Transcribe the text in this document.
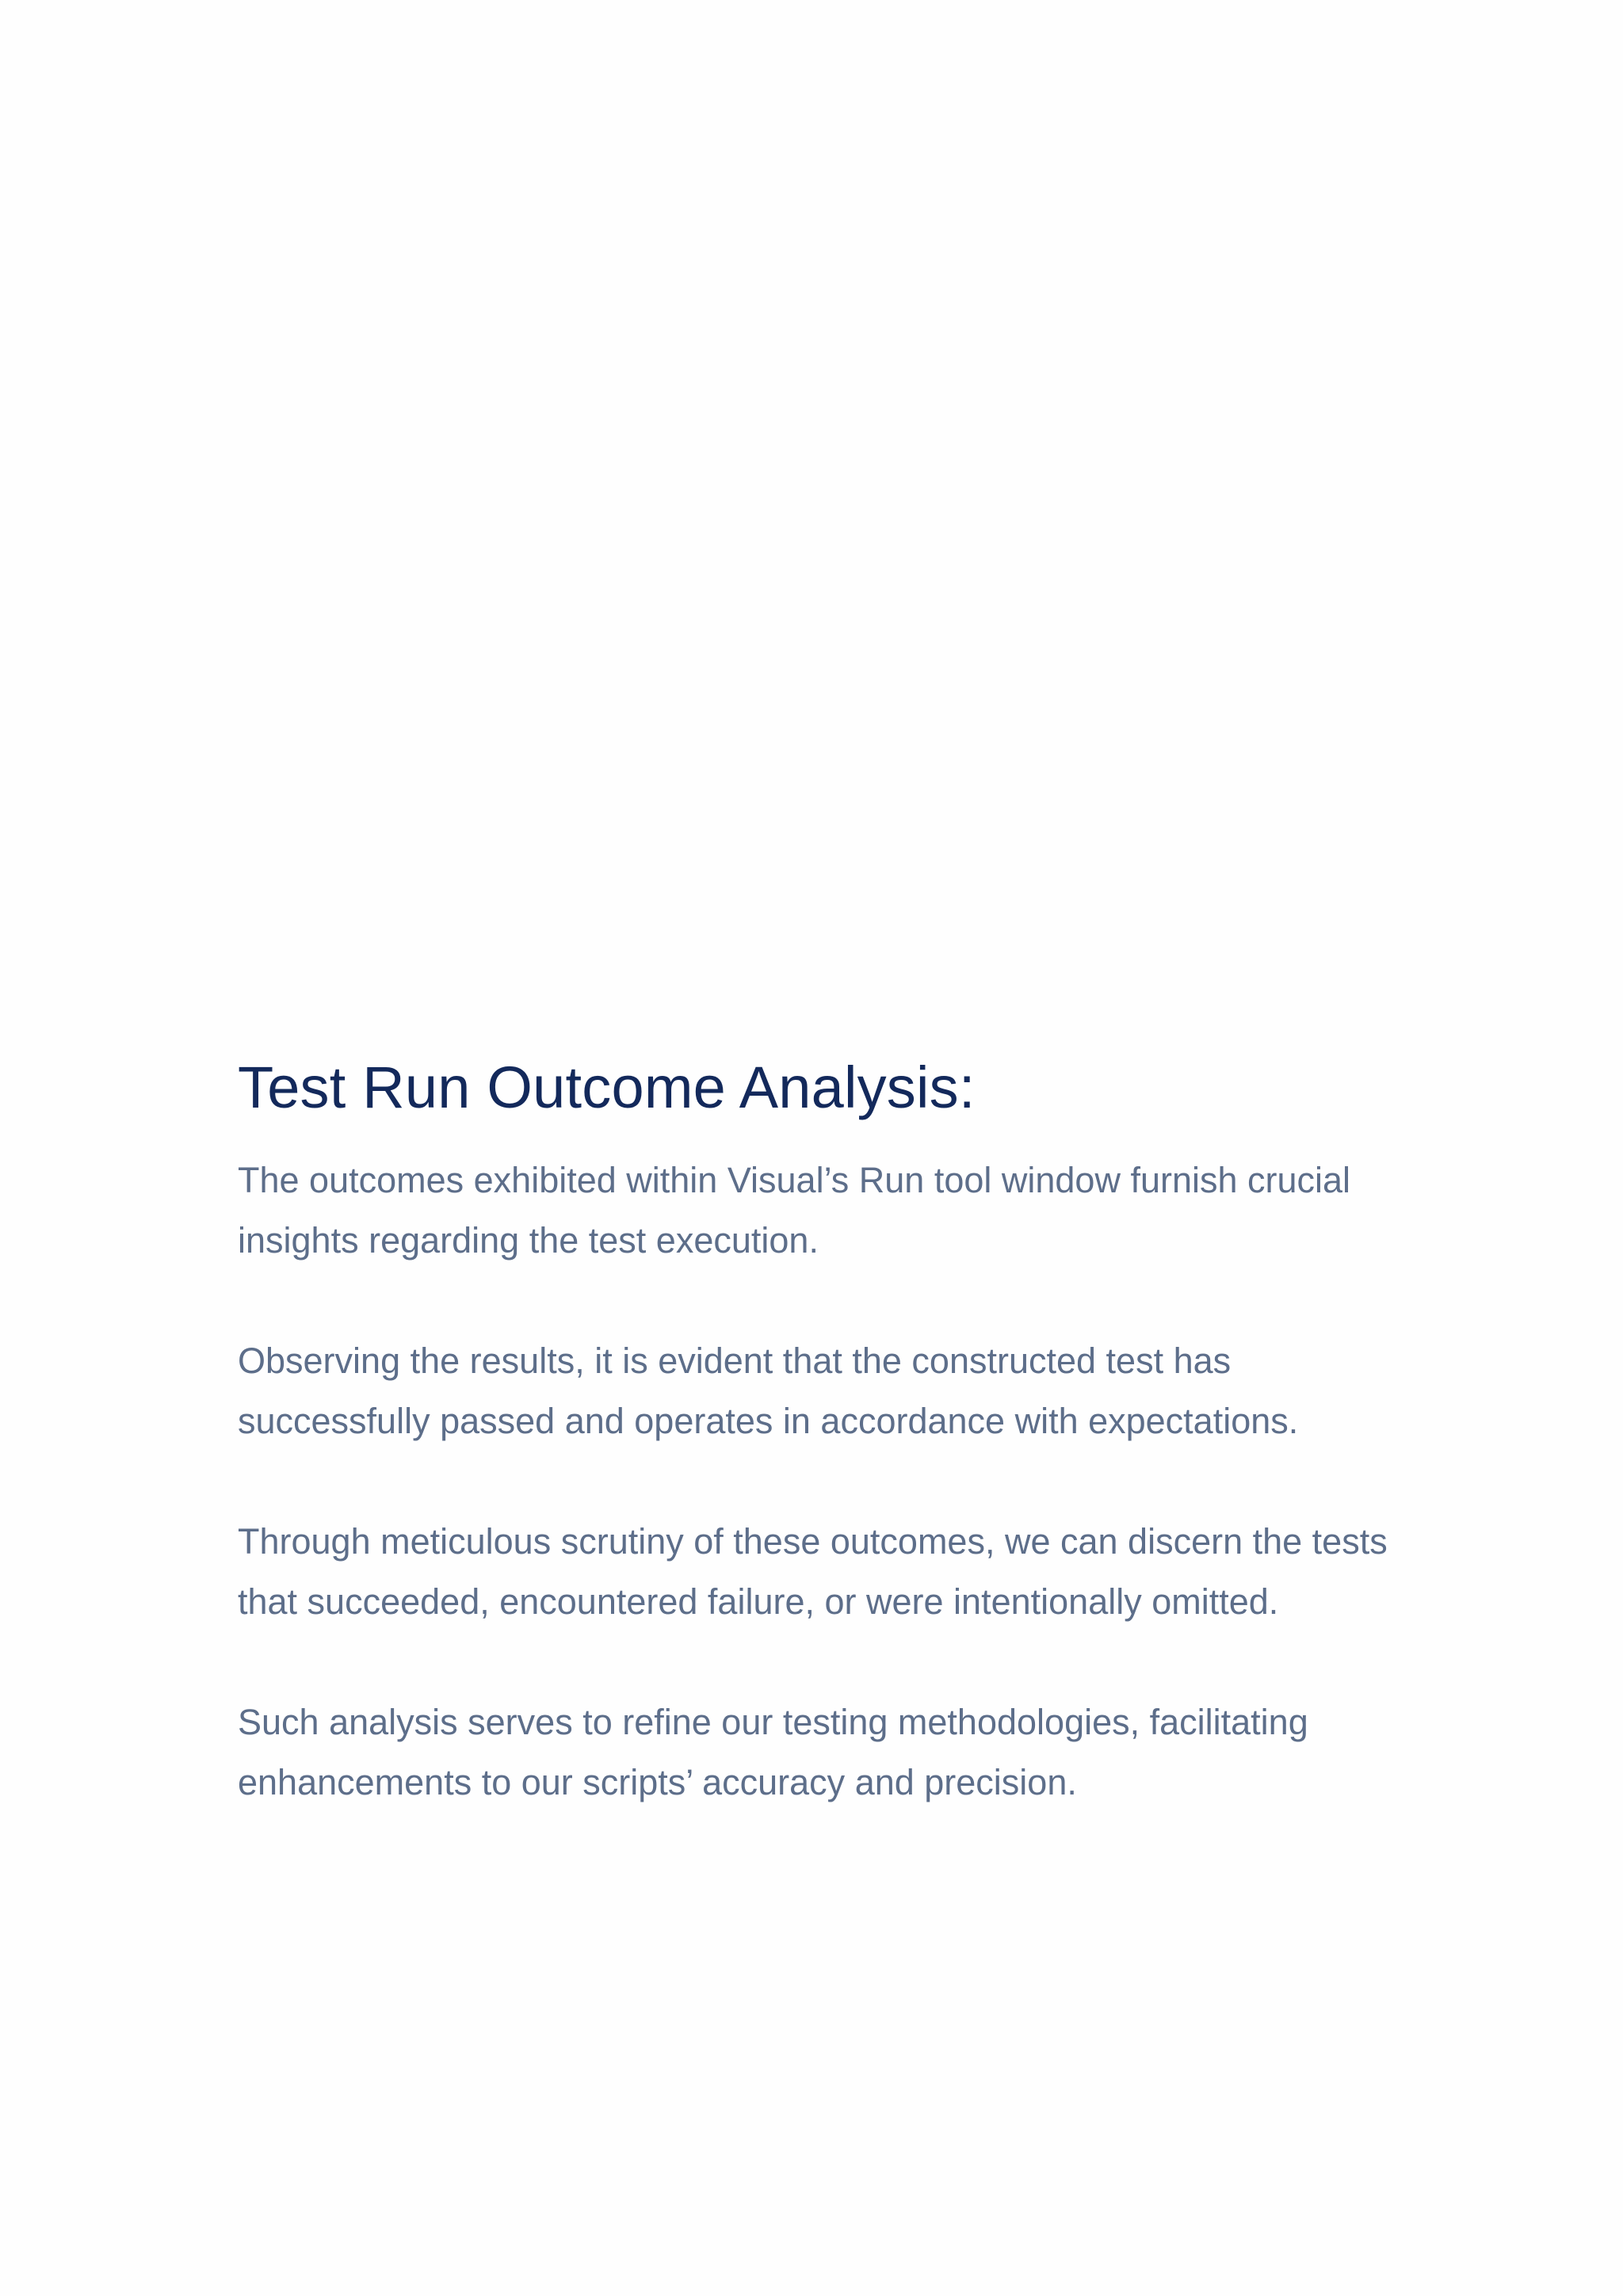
Test Run Outcome Analysis:

The outcomes exhibited within Visual’s Run tool window furnish crucial insights regarding the test execution.

Observing the results, it is evident that the constructed test has successfully passed and operates in accordance with expectations.

Through meticulous scrutiny of these outcomes, we can discern the tests that succeeded, encountered failure, or were intentionally omitted.

Such analysis serves to refine our testing methodologies, facilitating enhancements to our scripts’ accuracy and precision.
